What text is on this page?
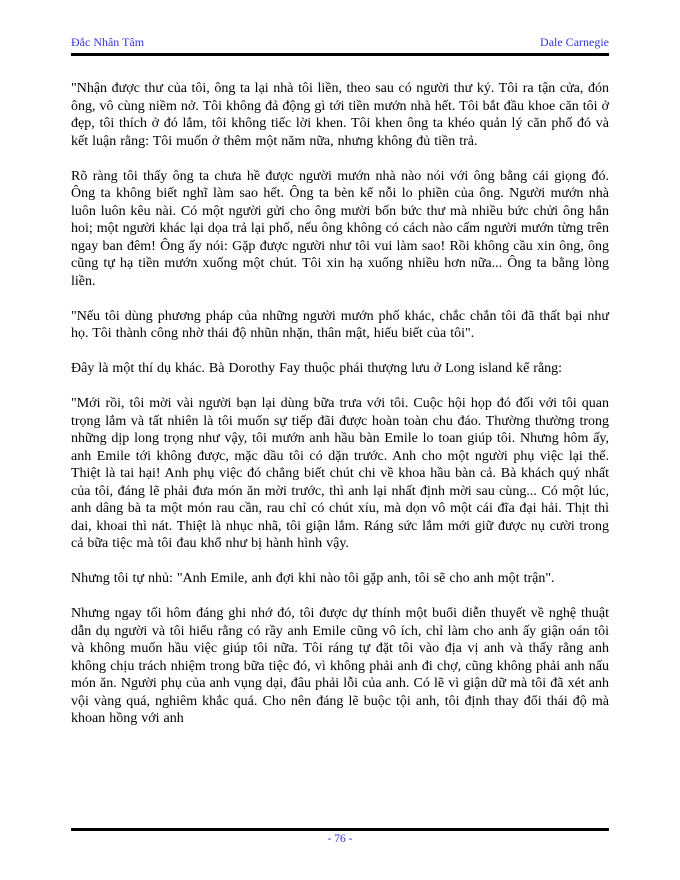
Đắc Nhân Tâm	Dale Carnegie

"Nhận được thư của tôi, ông ta lại nhà tôi liền, theo sau có người thư ký. Tôi ra tận cửa, đón ông, vô cùng niềm nở. Tôi không đả động gì tới tiền mướn nhà hết. Tôi bắt đầu khoe căn tôi ở đẹp, tôi thích ở đó lắm, tôi không tiếc lời khen. Tôi khen ông ta khéo quản lý căn phố đó và kết luận rằng: Tôi muốn ở thêm một năm nữa, nhưng không đủ tiền trả.

Rõ ràng tôi thấy ông ta chưa hề được người mướn nhà nào nói với ông bằng cái giọng đó. Ông ta không biết nghĩ làm sao hết. Ông ta bèn kể nỗi lo phiền của ông. Người mướn nhà luôn luôn kêu nài. Có một người gửi cho ông mười bốn bức thư mà nhiều bức chửi ông hẳn hoi; một người khác lại dọa trả lại phố, nếu ông không có cách nào cấm người mướn từng trên ngay ban đêm! Ông ấy nói: Gặp được người như tôi vui làm sao! Rồi không cầu xin ông, ông cũng tự hạ tiền mướn xuống một chút. Tôi xin hạ xuống nhiều hơn nữa... Ông ta bằng lòng liền.

"Nếu tôi dùng phương pháp của những người mướn phố khác, chắc chắn tôi đã thất bại như họ. Tôi thành công nhờ thái độ nhũn nhặn, thân mật, hiểu biết của tôi".

Đây là một thí dụ khác. Bà Dorothy Fay thuộc phái thượng lưu ở Long island kể rằng:

"Mới rồi, tôi mời vài người bạn lại dùng bữa trưa với tôi. Cuộc hội họp đó đối với tôi quan trọng lắm và tất nhiên là tôi muốn sự tiếp đãi được hoàn toàn chu đáo. Thường thường trong những dịp long trọng như vậy, tôi mướn anh hầu bàn Emile lo toan giúp tôi. Nhưng hôm ấy, anh Emile tới không được, mặc dầu tôi có dặn trước. Anh cho một người phụ việc lại thế. Thiệt là tai hại! Anh phụ việc đó chẳng biết chút chi về khoa hầu bàn cả. Bà khách quý nhất của tôi, đáng lẽ phải đưa món ăn mời trước, thì anh lại nhất định mời sau cùng... Có một lúc, anh dâng bà ta một món rau cần, rau chỉ có chút xíu, mà dọn vô một cái đĩa đại hải. Thịt thì dai, khoai thì nát. Thiệt là nhục nhã, tôi giận lắm. Ráng sức lắm mới giữ được nụ cười trong cả bữa tiệc mà tôi đau khổ như bị hành hình vậy.

Nhưng tôi tự nhủ: "Anh Emile, anh đợi khi nào tôi gặp anh, tôi sẽ cho anh một trận".

Nhưng ngay tối hôm đáng ghi nhớ đó, tôi được dự thính một buổi diễn thuyết về nghệ thuật dẫn dụ người và tôi hiểu rằng có rầy anh Emile cũng vô ích, chỉ làm cho anh ấy giận oán tôi và không muốn hầu việc giúp tôi nữa. Tôi ráng tự đặt tôi vào địa vị anh và thấy rằng anh không chịu trách nhiệm trong bữa tiệc đó, vì không phải anh đi chợ, cũng không phải anh nấu món ăn. Người phụ của anh vụng dại, đâu phải lỗi của anh. Có lẽ vì giận dữ mà tôi đã xét anh vội vàng quá, nghiêm khắc quá. Cho nên đáng lẽ buộc tội anh, tôi định thay đổi thái độ mà khoan hồng với anh

- 76 -
